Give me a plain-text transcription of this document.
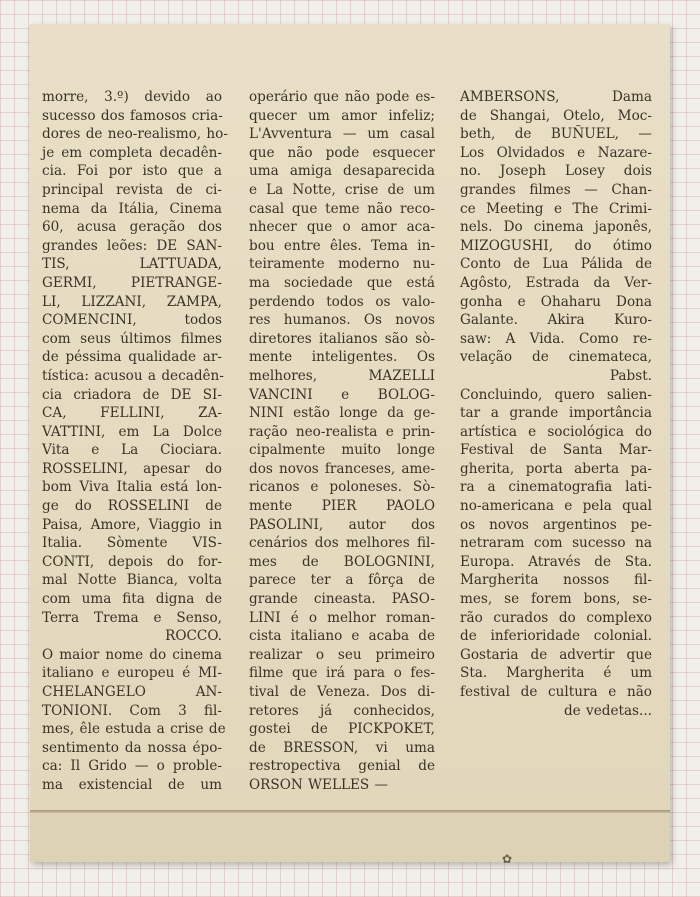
✿
morre, 3.º) devido ao
sucesso dos famosos cria-
dores de neo-realismo, ho-
je em completa decadên-
cia. Foi por isto que a
principal revista de ci-
nema da Itália, Cinema
60, acusa geração dos
grandes leões: DE SAN-
TIS, LATTUADA,
GERMI, PIETRANGE-
LI, LIZZANI, ZAMPA,
COMENCINI, todos
com seus últimos filmes
de péssima qualidade ar-
tística: acusou a decadên-
cia criadora de DE SI-
CA, FELLINI, ZA-
VATTINI, em La Dolce
Vita e La Ciociara.
ROSSELINI, apesar do
bom Viva Italia está lon-
ge do ROSSELINI de
Paisa, Amore, Viaggio in
Italia. Sòmente VIS-
CONTI, depois do for-
mal Notte Bianca, volta
com uma fita digna de
Terra Trema e Senso,
ROCCO.
O maior nome do cinema
italiano e europeu é MI-
CHELANGELO AN-
TONIONI. Com 3 fil-
mes, êle estuda a crise de
sentimento da nossa épo-
ca: Il Grido — o proble-
ma existencial de um
operário que não pode es-
quecer um amor infeliz;
L'Avventura — um casal
que não pode esquecer
uma amiga desaparecida
e La Notte, crise de um
casal que teme não reco-
nhecer que o amor aca-
bou entre êles. Tema in-
teiramente moderno nu-
ma sociedade que está
perdendo todos os valo-
res humanos. Os novos
diretores italianos são sò-
mente inteligentes. Os
melhores, MAZELLI
VANCINI e BOLOG-
NINI estão longe da ge-
ração neo-realista e prin-
cipalmente muito longe
dos novos franceses, ame-
ricanos e poloneses. Sò-
mente PIER PAOLO
PASOLINI, autor dos
cenários dos melhores fil-
mes de BOLOGNINI,
parece ter a fôrça de
grande cineasta. PASO-
LINI é o melhor roman-
cista italiano e acaba de
realizar o seu primeiro
filme que irá para o fes-
tival de Veneza. Dos di-
retores já conhecidos,
gostei de PICKPOKET,
de BRESSON, vi uma
restropectiva genial de
ORSON WELLES —
AMBERSONS, Dama
de Shangai, Otelo, Moc-
beth, de BUÑUEL, —
Los Olvidados e Nazare-
no. Joseph Losey dois
grandes filmes — Chan-
ce Meeting e The Crimi-
nels. Do cinema japonês,
MIZOGUSHI, do ótimo
Conto de Lua Pálida de
Agôsto, Estrada da Ver-
gonha e Ohaharu Dona
Galante. Akira Kuro-
saw: A Vida. Como re-
velação de cinemateca,
Pabst.
Concluindo, quero salien-
tar a grande importância
artística e sociológica do
Festival de Santa Mar-
gherita, porta aberta pa-
ra a cinematografia lati-
no-americana e pela qual
os novos argentinos pe-
netraram com sucesso na
Europa. Através de Sta.
Margherita nossos fil-
mes, se forem bons, se-
rão curados do complexo
de inferioridade colonial.
Gostaria de advertir que
Sta. Margherita é um
festival de cultura e não
de vedetas...
